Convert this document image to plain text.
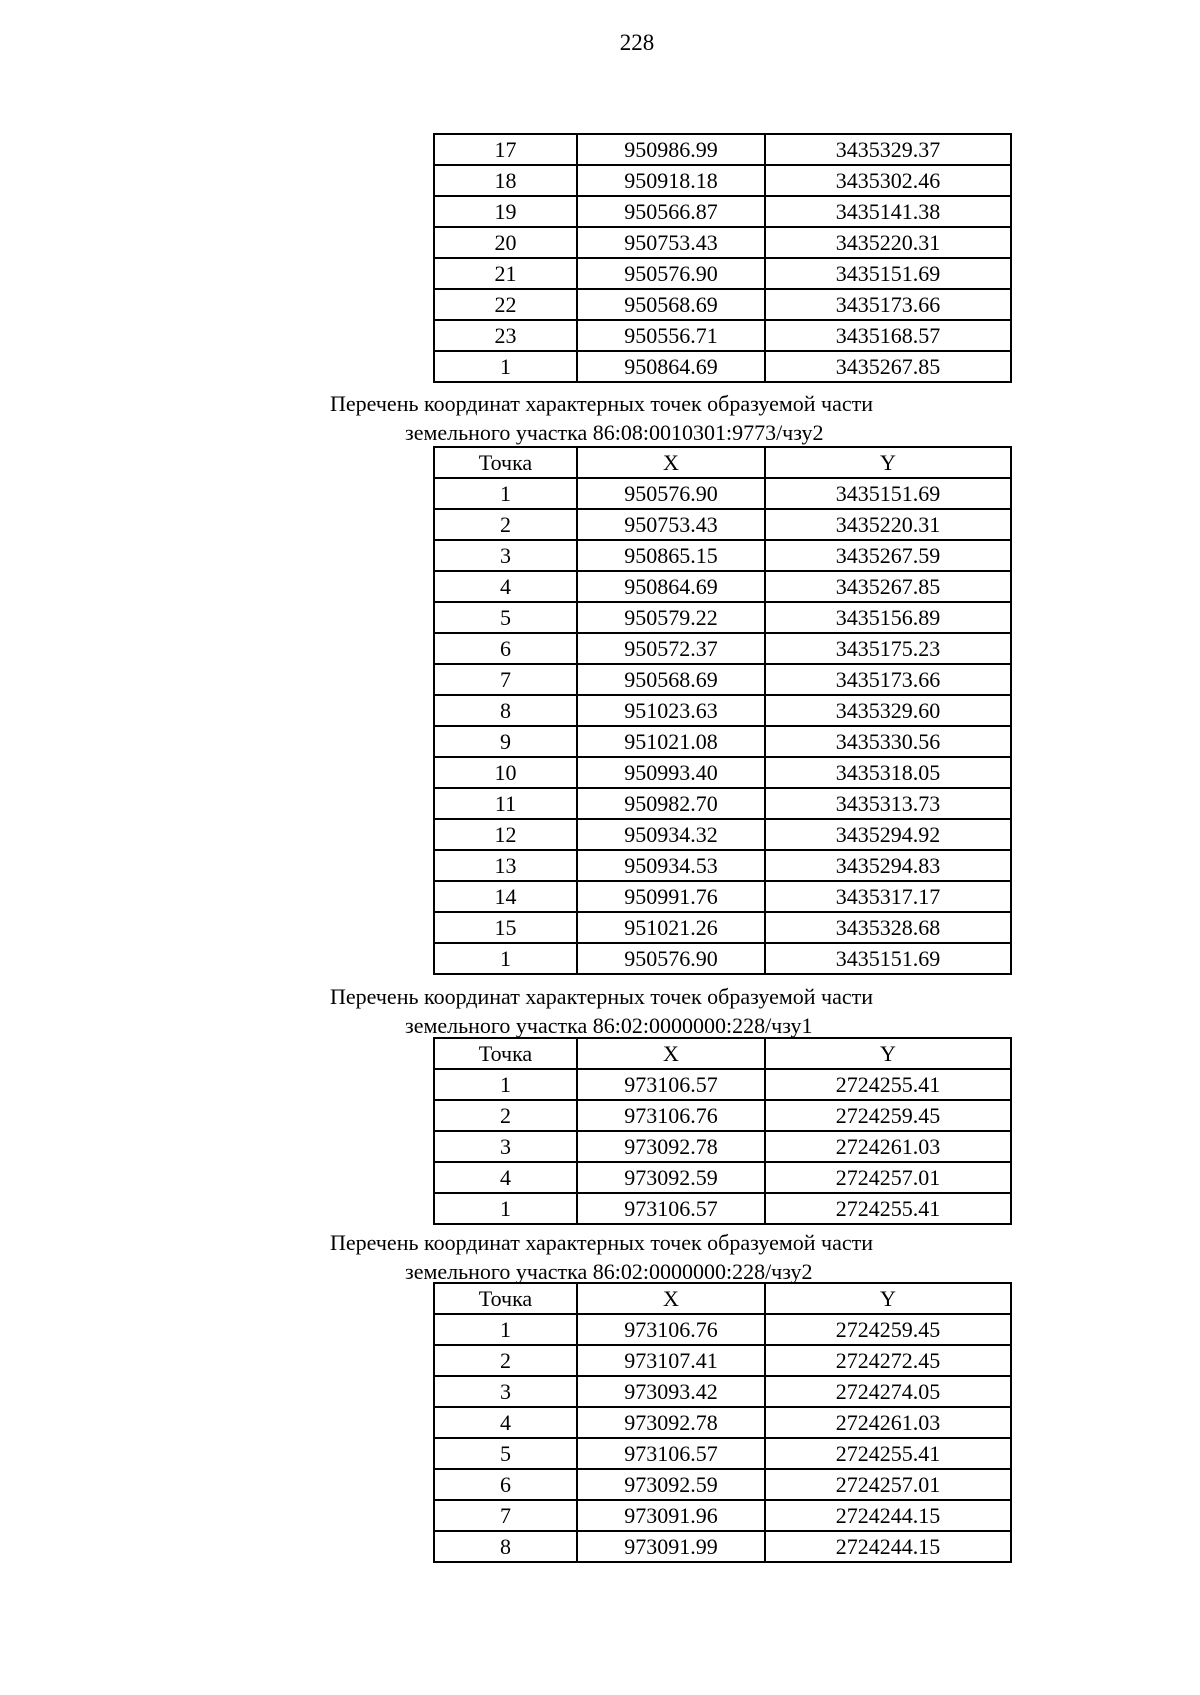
228
17	950986.99	3435329.37
18	950918.18	3435302.46
19	950566.87	3435141.38
20	950753.43	3435220.31
21	950576.90	3435151.69
22	950568.69	3435173.66
23	950556.71	3435168.57
1	950864.69	3435267.85
Перечень координат характерных точек образуемой части
земельного участка 86:08:0010301:9773/чзу2
Точка	X	Y
1	950576.90	3435151.69
2	950753.43	3435220.31
3	950865.15	3435267.59
4	950864.69	3435267.85
5	950579.22	3435156.89
6	950572.37	3435175.23
7	950568.69	3435173.66
8	951023.63	3435329.60
9	951021.08	3435330.56
10	950993.40	3435318.05
11	950982.70	3435313.73
12	950934.32	3435294.92
13	950934.53	3435294.83
14	950991.76	3435317.17
15	951021.26	3435328.68
1	950576.90	3435151.69
Перечень координат характерных точек образуемой части
земельного участка 86:02:0000000:228/чзу1
Точка	X	Y
1	973106.57	2724255.41
2	973106.76	2724259.45
3	973092.78	2724261.03
4	973092.59	2724257.01
1	973106.57	2724255.41
Перечень координат характерных точек образуемой части
земельного участка 86:02:0000000:228/чзу2
Точка	X	Y
1	973106.76	2724259.45
2	973107.41	2724272.45
3	973093.42	2724274.05
4	973092.78	2724261.03
5	973106.57	2724255.41
6	973092.59	2724257.01
7	973091.96	2724244.15
8	973091.99	2724244.15
